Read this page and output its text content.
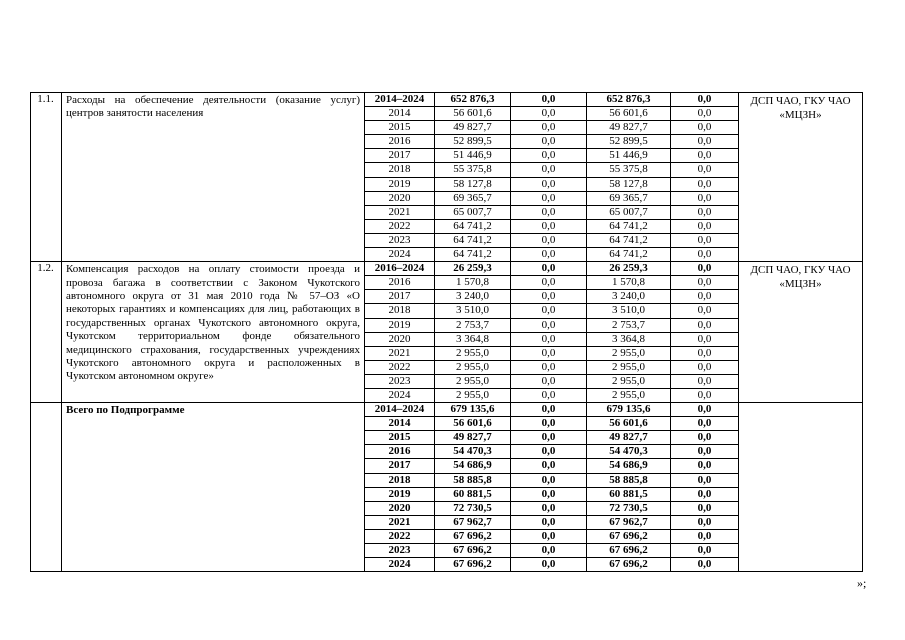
1.1.	Расходы на обеспечение деятельности (оказание услуг) центров занятости населения	2014–2024	652 876,3	0,0	652 876,3	0,0	ДСП ЧАО, ГКУ ЧАО «МЦЗН»
		2014	56 601,6	0,0	56 601,6	0,0	
		2015	49 827,7	0,0	49 827,7	0,0	
		2016	52 899,5	0,0	52 899,5	0,0	
		2017	51 446,9	0,0	51 446,9	0,0	
		2018	55 375,8	0,0	55 375,8	0,0	
		2019	58 127,8	0,0	58 127,8	0,0	
		2020	69 365,7	0,0	69 365,7	0,0	
		2021	65 007,7	0,0	65 007,7	0,0	
		2022	64 741,2	0,0	64 741,2	0,0	
		2023	64 741,2	0,0	64 741,2	0,0	
		2024	64 741,2	0,0	64 741,2	0,0	
1.2.	Компенсация расходов на оплату стоимости проезда и провоза багажа в соответствии с Законом Чукотского автономного округа от 31 мая 2010 года № 57–ОЗ «О некоторых гарантиях и компенсациях для лиц, работающих в государственных органах Чукотского автономного округа, Чукотском территориальном фонде обязательного медицинского страхования, государственных учреждениях Чукотского автономного округа и расположенных в Чукотском автономном округе»	2016–2024	26 259,3	0,0	26 259,3	0,0	ДСП ЧАО, ГКУ ЧАО «МЦЗН»
		2016	1 570,8	0,0	1 570,8	0,0	
		2017	3 240,0	0,0	3 240,0	0,0	
		2018	3 510,0	0,0	3 510,0	0,0	
		2019	2 753,7	0,0	2 753,7	0,0	
		2020	3 364,8	0,0	3 364,8	0,0	
		2021	2 955,0	0,0	2 955,0	0,0	
		2022	2 955,0	0,0	2 955,0	0,0	
		2023	2 955,0	0,0	2 955,0	0,0	
		2024	2 955,0	0,0	2 955,0	0,0	
	Всего по Подпрограмме	2014–2024	679 135,6	0,0	679 135,6	0,0	
		2014	56 601,6	0,0	56 601,6	0,0	
		2015	49 827,7	0,0	49 827,7	0,0	
		2016	54 470,3	0,0	54 470,3	0,0	
		2017	54 686,9	0,0	54 686,9	0,0	
		2018	58 885,8	0,0	58 885,8	0,0	
		2019	60 881,5	0,0	60 881,5	0,0	
		2020	72 730,5	0,0	72 730,5	0,0	
		2021	67 962,7	0,0	67 962,7	0,0	
		2022	67 696,2	0,0	67 696,2	0,0	
		2023	67 696,2	0,0	67 696,2	0,0	
		2024	67 696,2	0,0	67 696,2	0,0	
»;
